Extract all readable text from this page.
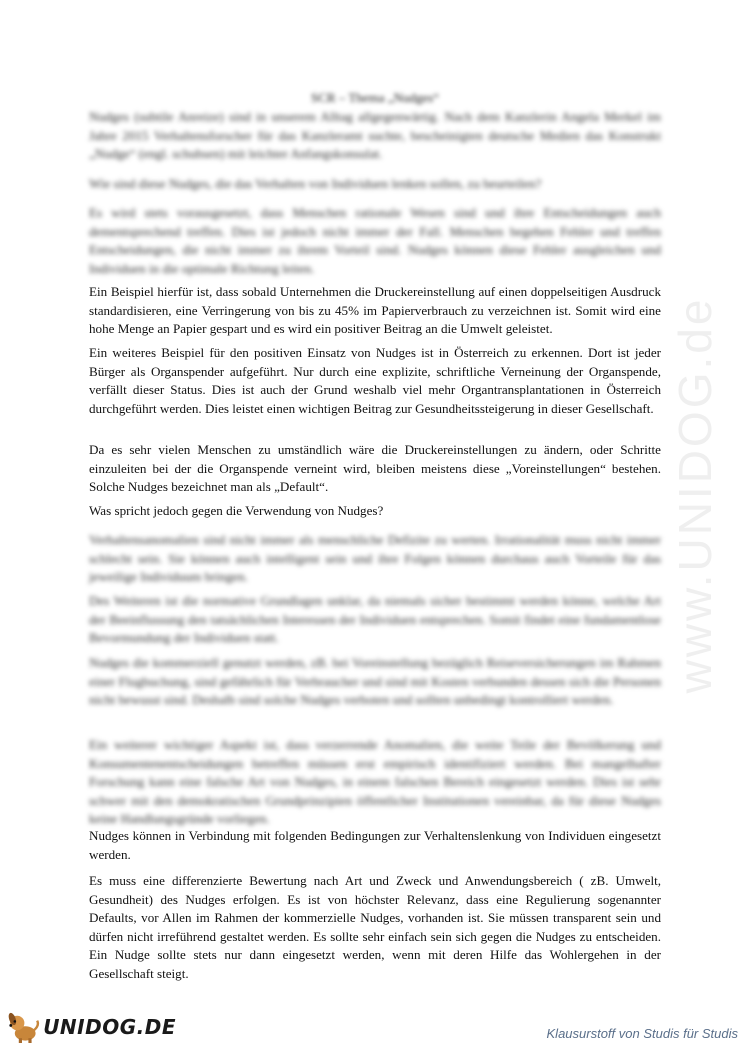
www.UNIDOG.de
SCR – Thema „Nudges“

Nudges (subtile Anreize) sind in unserem Alltag allgegenwärtig. Nach dem Kanzlerin Angela Merkel im Jahre 2015 Verhaltensforscher für das Kanzleramt suchte, bescheinigten deutsche Medien das Konstrukt „Nudge“ (engl. schubsen) mit leichter Anfangskonsulat.

Wie sind diese Nudges, die das Verhalten von Individuen lenken sollen, zu beurteilen?

Es wird stets vorausgesetzt, dass Menschen rationale Wesen sind und ihre Entscheidungen auch dementsprechend treffen. Dies ist jedoch nicht immer der Fall. Menschen begehen Fehler und treffen Entscheidungen, die nicht immer zu ihrem Vorteil sind. Nudges können diese Fehler ausgleichen und Individuen in die optimale Richtung leiten.

Ein Beispiel hierfür ist, dass sobald Unternehmen die Druckereinstellung auf einen doppelseitigen Ausdruck standardisieren, eine Verringerung von bis zu 45% im Papierverbrauch zu verzeichnen ist. Somit wird eine hohe Menge an Papier gespart und es wird ein positiver Beitrag an die Umwelt geleistet.

Ein weiteres Beispiel für den positiven Einsatz von Nudges ist in Österreich zu erkennen. Dort ist jeder Bürger als Organspender aufgeführt. Nur durch eine explizite, schriftliche Verneinung der Organspende, verfällt dieser Status. Dies ist auch der Grund weshalb viel mehr Organtransplantationen in Österreich durchgeführt werden. Dies leistet einen wichtigen Beitrag zur Gesundheitssteigerung in dieser Gesellschaft.

Da es sehr vielen Menschen zu umständlich wäre die Druckereinstellungen zu ändern, oder Schritte einzuleiten bei der die Organspende verneint wird, bleiben meistens diese „Voreinstellungen“ bestehen. Solche Nudges bezeichnet man als „Default“.

Was spricht jedoch gegen die Verwendung von Nudges?

Verhaltensanomalien sind nicht immer als menschliche Defizite zu werten. Irrationalität muss nicht immer schlecht sein. Sie können auch intelligent sein und ihre Folgen können durchaus auch Vorteile für das jeweilige Individuum bringen.

Des Weiteren ist die normative Grundlagen unklar, da niemals sicher bestimmt werden könne, welche Art der Beeinflussung den tatsächlichen Interessen der Individuen entsprechen. Somit findet eine fundamentlose Bevormundung der Individuen statt.

Nudges die kommerziell genutzt werden, zB. bei Voreinstellung bezüglich Reiseversicherungen im Rahmen einer Flugbuchung, sind gefährlich für Verbraucher und sind mit Kosten verbunden dessen sich die Personen nicht bewusst sind. Deshalb sind solche Nudges verboten und sollten unbedingt kontrolliert werden.

Ein weiterer wichtiger Aspekt ist, dass verzerrende Anomalien, die weite Teile der Bevölkerung und Konsumentenentscheidungen betreffen müssen erst empirisch identifiziert werden. Bei mangelhafter Forschung kann eine falsche Art von Nudges, in einem falschen Bereich eingesetzt werden. Dies ist sehr schwer mit den demokratischen Grundprinzipien öffentlicher Institutionen vereinbar, da für diese Nudges keine Handlungsgründe vorliegen.

Nudges können in Verbindung mit folgenden Bedingungen zur Verhaltenslenkung von Individuen eingesetzt werden.

Es muss eine differenzierte Bewertung nach Art und Zweck und Anwendungsbereich ( zB. Umwelt, Gesundheit) des Nudges erfolgen. Es ist von höchster Relevanz, dass eine Regulierung sogenannter Defaults, vor Allen im Rahmen der kommerzielle Nudges, vorhanden ist. Sie müssen transparent sein und dürfen nicht irreführend gestaltet werden. Es sollte sehr einfach sein sich gegen die Nudges zu entscheiden. Ein Nudge sollte stets nur dann eingesetzt werden, wenn mit deren Hilfe das Wohlergehen in der Gesellschaft steigt.

UNIDOG.DE	Klausurstoff von Studis für Studis
